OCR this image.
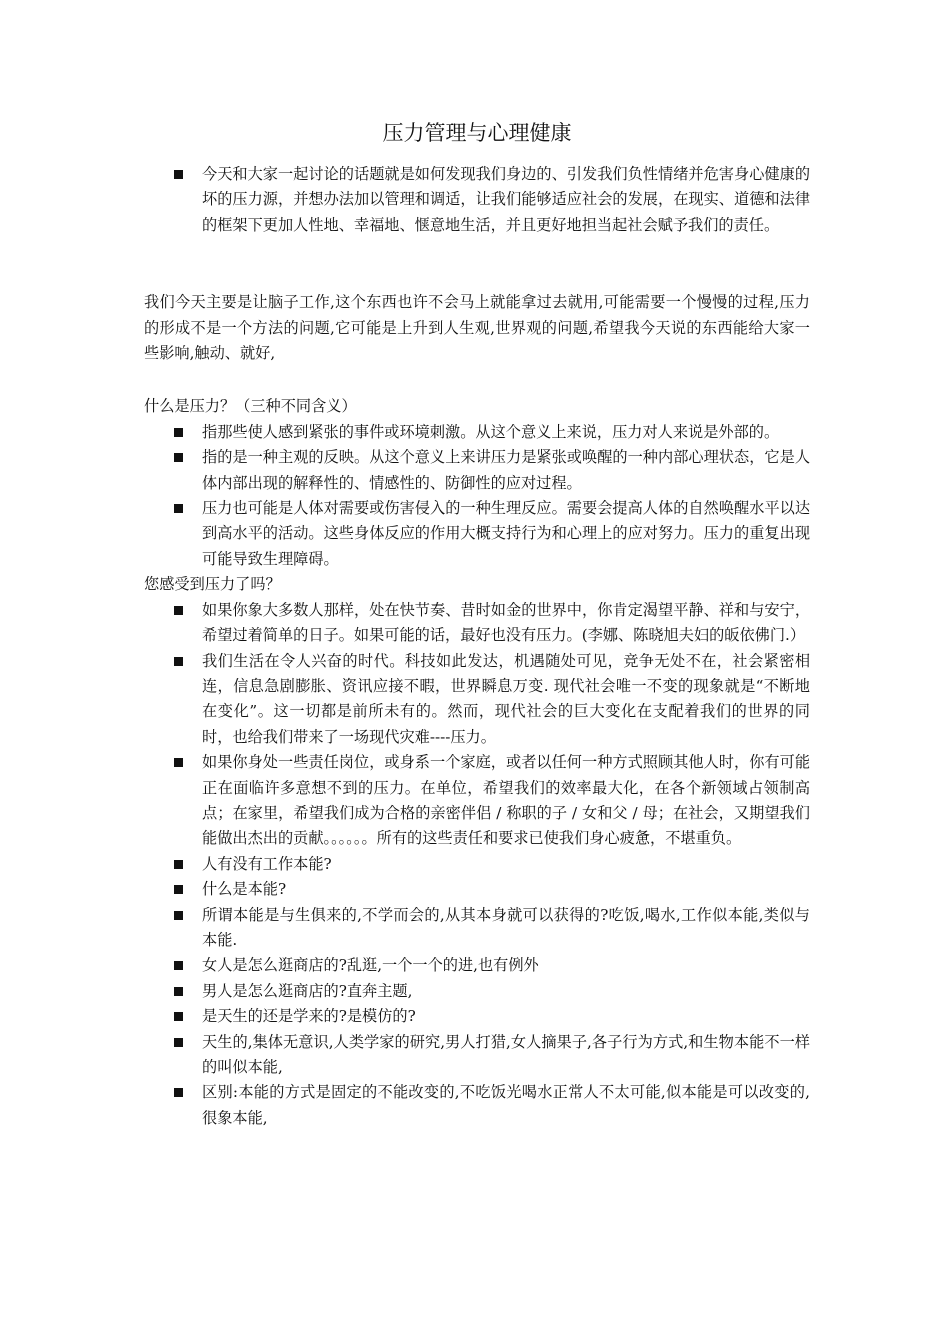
压力管理与心理健康
今天和大家一起讨论的话题就是如何发现我们身边的、引发我们负性情绪并危害身心健康的坏的压力源，并想办法加以管理和调适，让我们能够适应社会的发展，在现实、道德和法律的框架下更加人性地、幸福地、惬意地生活，并且更好地担当起社会赋予我们的责任。

我们今天主要是让脑子工作,这个东西也许不会马上就能拿过去就用,可能需要一个慢慢的过程,压力的形成不是一个方法的问题,它可能是上升到人生观,世界观的问题,希望我今天说的东西能给大家一些影响,触动、就好,

什么是压力？（三种不同含义）
指那些使人感到紧张的事件或环境刺激。从这个意义上来说，压力对人来说是外部的。
指的是一种主观的反映。从这个意义上来讲压力是紧张或唤醒的一种内部心理状态，它是人体内部出现的解释性的、情感性的、防御性的应对过程。
压力也可能是人体对需要或伤害侵入的一种生理反应。需要会提高人体的自然唤醒水平以达到高水平的活动。这些身体反应的作用大概支持行为和心理上的应对努力。压力的重复出现可能导致生理障碍。
您感受到压力了吗？
如果你象大多数人那样，处在快节奏、昔时如金的世界中，你肯定渴望平静、祥和与安宁，希望过着简单的日子。如果可能的话，最好也没有压力。(李娜、陈晓旭夫妇的皈依佛门.）
我们生活在令人兴奋的时代。科技如此发达，机遇随处可见，竞争无处不在，社会紧密相连，信息急剧膨胀、资讯应接不暇，世界瞬息万变. 现代社会唯一不变的现象就是“不断地在变化”。这一切都是前所未有的。然而，现代社会的巨大变化在支配着我们的世界的同时，也给我们带来了一场现代灾难----压力。
如果你身处一些责任岗位，或身系一个家庭，或者以任何一种方式照顾其他人时，你有可能正在面临许多意想不到的压力。在单位，希望我们的效率最大化，在各个新领域占领制高点；在家里，希望我们成为合格的亲密伴侣 / 称职的子 / 女和父 / 母；在社会，又期望我们能做出杰出的贡献。。。。。。所有的这些责任和要求已使我们身心疲惫，不堪重负。
人有没有工作本能?
什么是本能?
所谓本能是与生俱来的,不学而会的,从其本身就可以获得的?吃饭,喝水,工作似本能,类似与本能.
女人是怎么逛商店的?乱逛,一个一个的进,也有例外
男人是怎么逛商店的?直奔主题,
是天生的还是学来的?是模仿的?
天生的,集体无意识,人类学家的研究,男人打猎,女人摘果子,各子行为方式,和生物本能不一样的叫似本能,
区别:本能的方式是固定的不能改变的,不吃饭光喝水正常人不太可能,似本能是可以改变的,很象本能,
